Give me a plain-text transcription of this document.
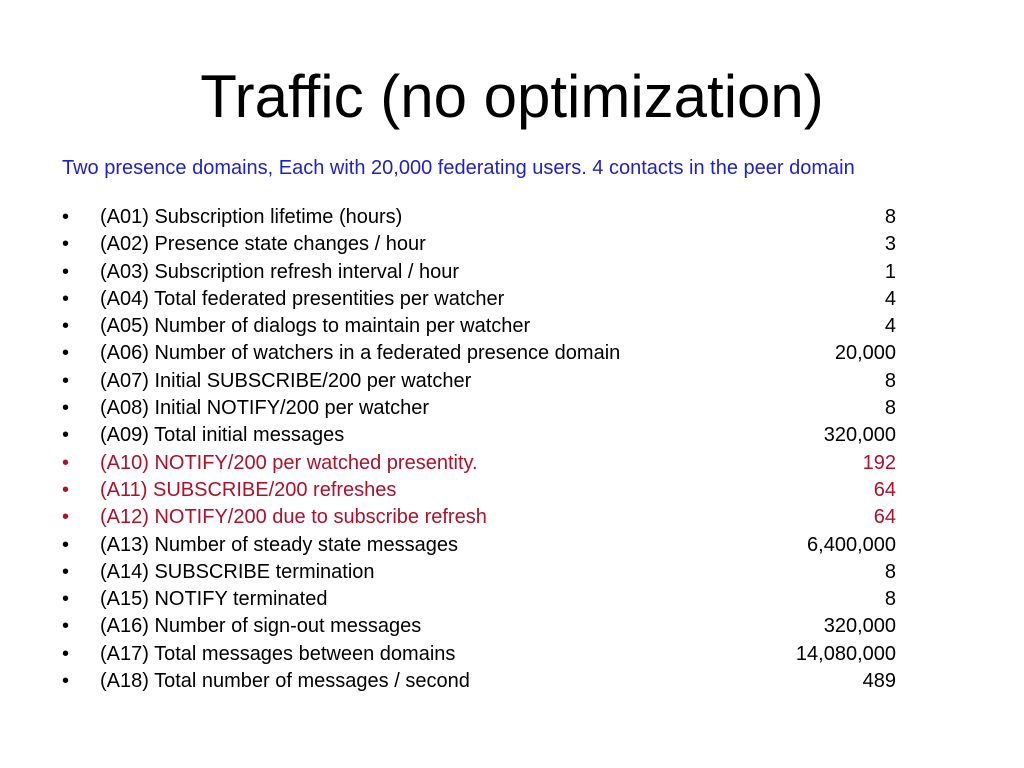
Traffic (no optimization)

Two presence domains, Each with 20,000 federating users. 4 contacts in the peer domain

•	(A01) Subscription lifetime (hours)	8
•	(A02) Presence state changes / hour	3
•	(A03) Subscription refresh interval / hour	1
•	(A04) Total federated presentities per watcher	4
•	(A05) Number of dialogs to maintain per watcher	4
•	(A06) Number of watchers in a federated presence domain	20,000
•	(A07) Initial SUBSCRIBE/200 per watcher	8
•	(A08) Initial NOTIFY/200 per watcher	8
•	(A09) Total initial messages	320,000
•	(A10) NOTIFY/200 per watched presentity.	192
•	(A11) SUBSCRIBE/200 refreshes	64
•	(A12) NOTIFY/200 due to subscribe refresh	64
•	(A13) Number of steady state messages	6,400,000
•	(A14) SUBSCRIBE termination	8
•	(A15) NOTIFY terminated	8
•	(A16) Number of sign-out messages	320,000
•	(A17) Total messages between domains	14,080,000
•	(A18) Total number of messages / second	489
